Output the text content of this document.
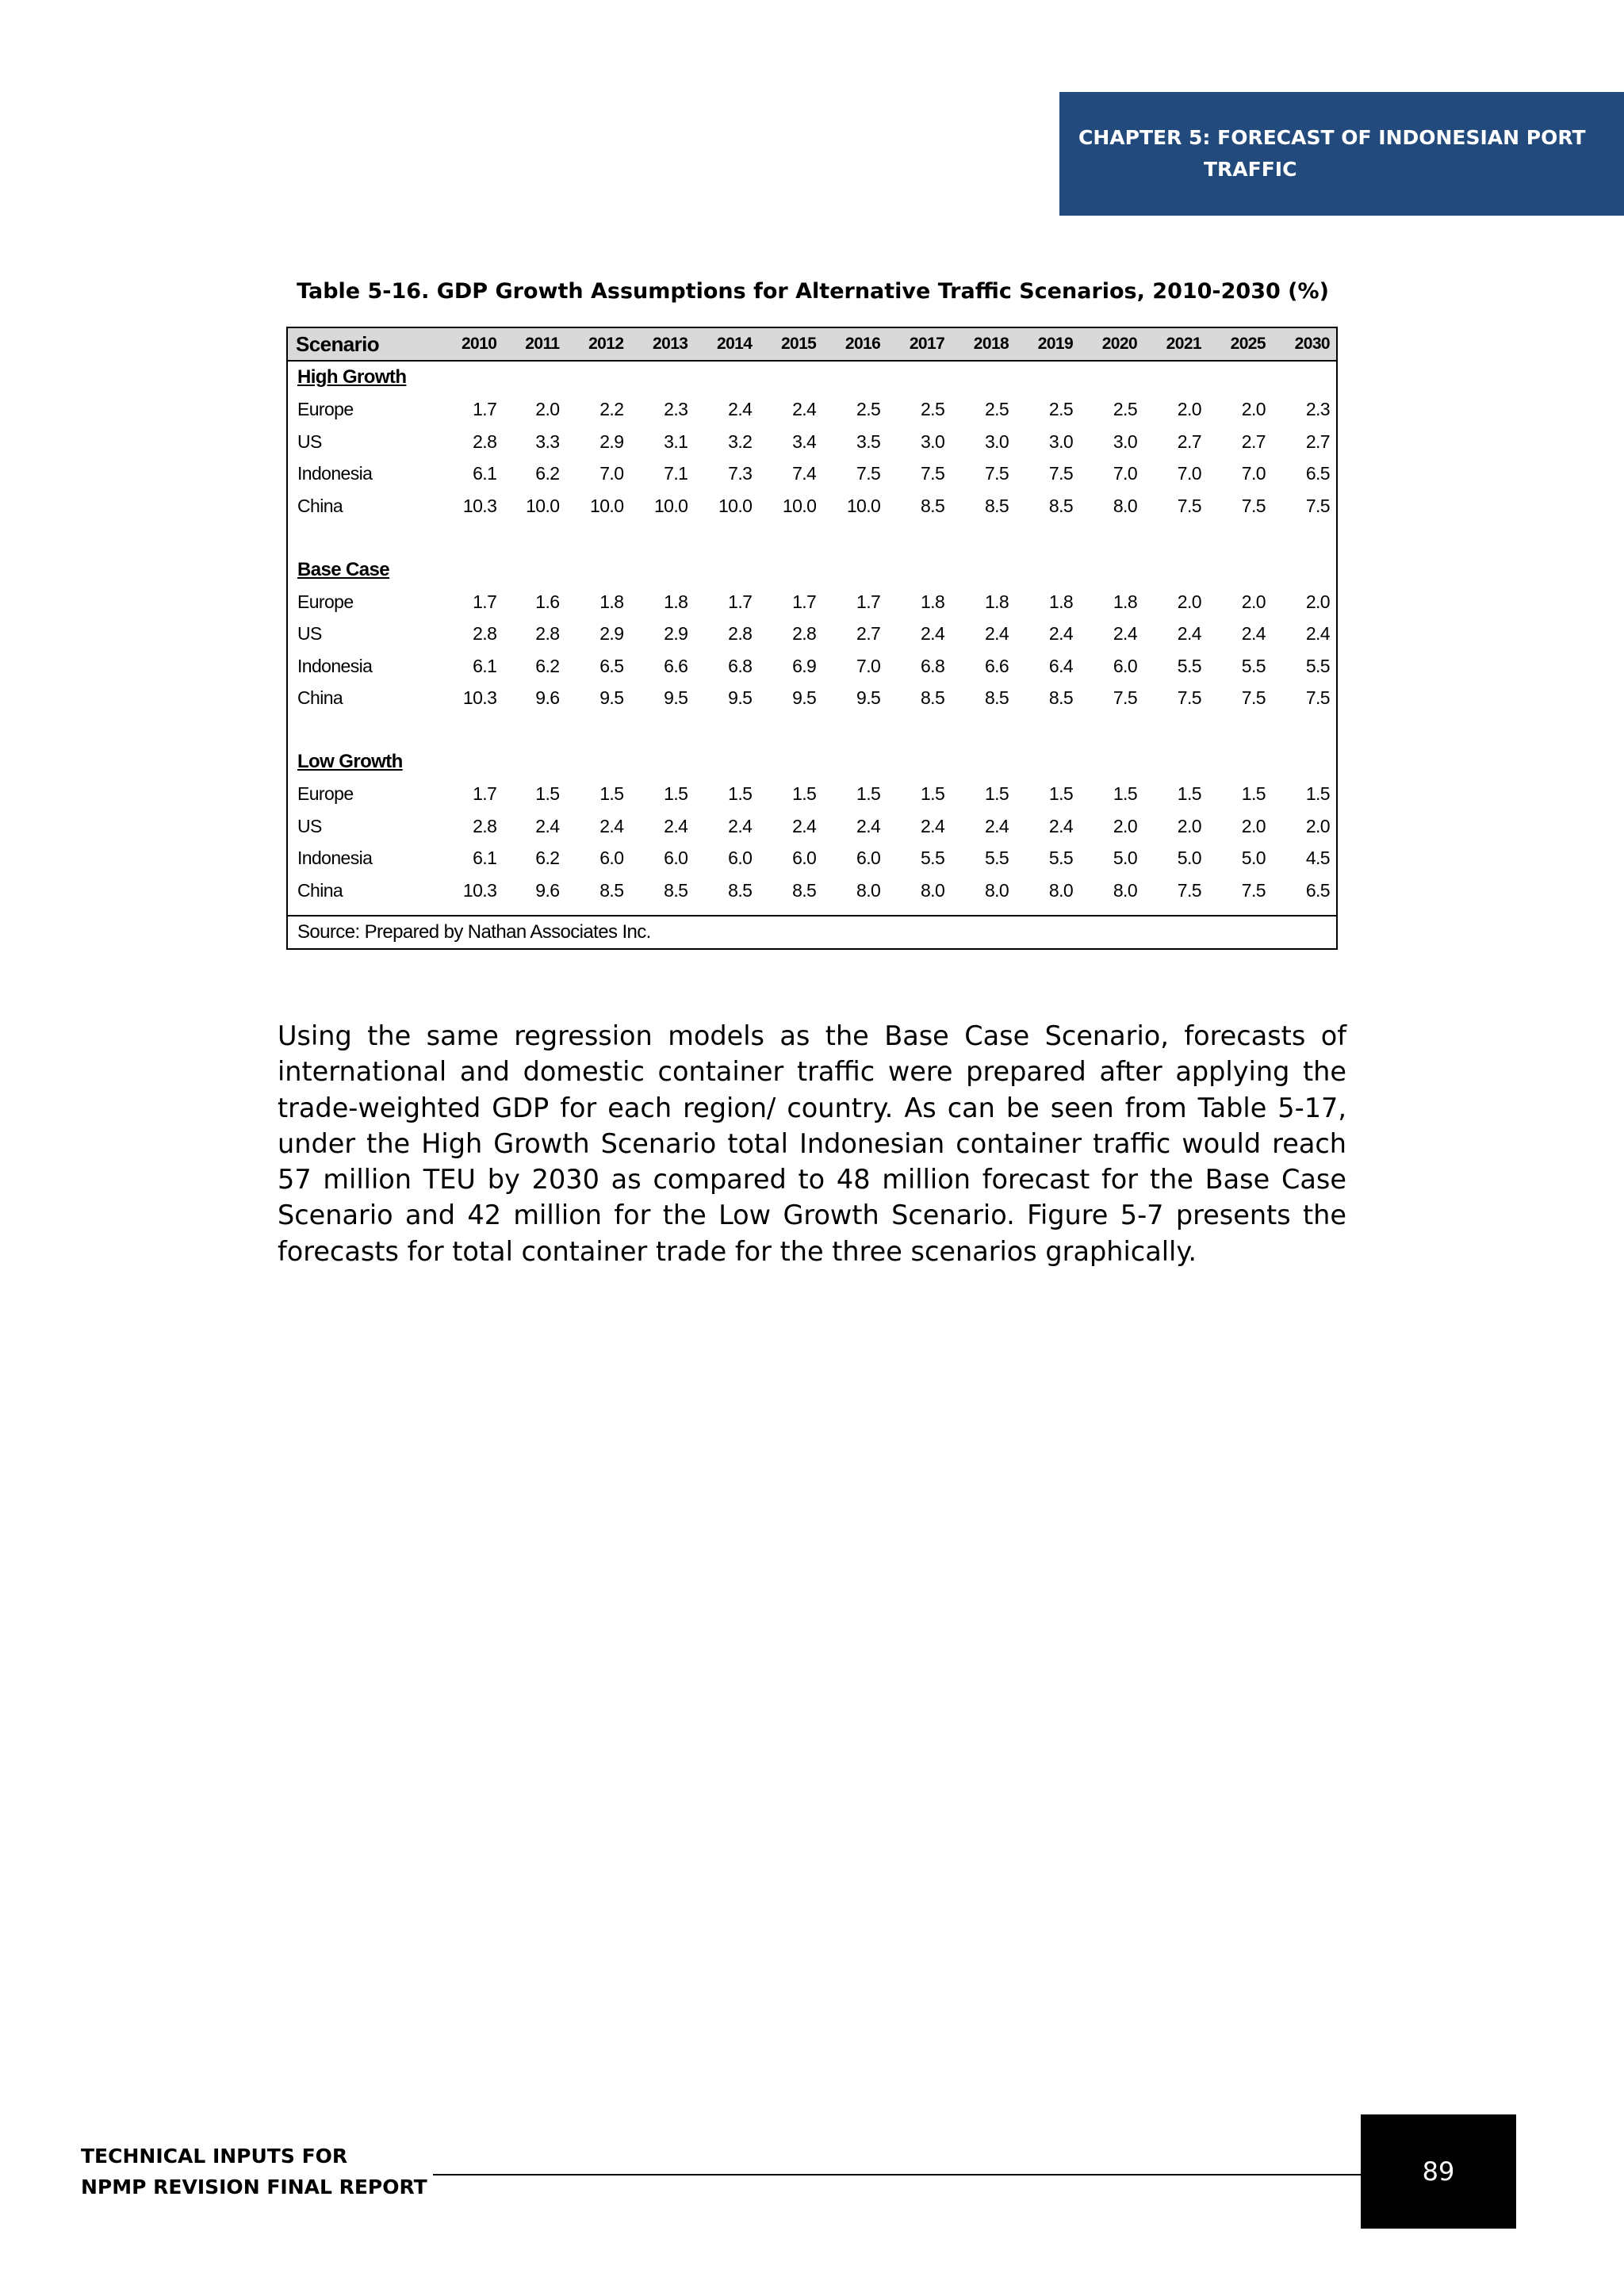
CHAPTER 5: FORECAST OF INDONESIAN PORT
TRAFFIC
Table 5-16. GDP Growth Assumptions for Alternative Traffic Scenarios, 2010-2030 (%)
Scenario	2010	2011	2012	2013	2014	2015	2016	2017	2018	2019	2020	2021	2025	2030
High Growth														
Europe	1.7	2.0	2.2	2.3	2.4	2.4	2.5	2.5	2.5	2.5	2.5	2.0	2.0	2.3
US	2.8	3.3	2.9	3.1	3.2	3.4	3.5	3.0	3.0	3.0	3.0	2.7	2.7	2.7
Indonesia	6.1	6.2	7.0	7.1	7.3	7.4	7.5	7.5	7.5	7.5	7.0	7.0	7.0	6.5
China	10.3	10.0	10.0	10.0	10.0	10.0	10.0	8.5	8.5	8.5	8.0	7.5	7.5	7.5

Base Case														
Europe	1.7	1.6	1.8	1.8	1.7	1.7	1.7	1.8	1.8	1.8	1.8	2.0	2.0	2.0
US	2.8	2.8	2.9	2.9	2.8	2.8	2.7	2.4	2.4	2.4	2.4	2.4	2.4	2.4
Indonesia	6.1	6.2	6.5	6.6	6.8	6.9	7.0	6.8	6.6	6.4	6.0	5.5	5.5	5.5
China	10.3	9.6	9.5	9.5	9.5	9.5	9.5	8.5	8.5	8.5	7.5	7.5	7.5	7.5

Low Growth														
Europe	1.7	1.5	1.5	1.5	1.5	1.5	1.5	1.5	1.5	1.5	1.5	1.5	1.5	1.5
US	2.8	2.4	2.4	2.4	2.4	2.4	2.4	2.4	2.4	2.4	2.0	2.0	2.0	2.0
Indonesia	6.1	6.2	6.0	6.0	6.0	6.0	6.0	5.5	5.5	5.5	5.0	5.0	5.0	4.5
China	10.3	9.6	8.5	8.5	8.5	8.5	8.0	8.0	8.0	8.0	8.0	7.5	7.5	6.5
Source: Prepared by Nathan Associates Inc.

Using the same regression models as the Base Case Scenario, forecasts of international and domestic container traffic were prepared after applying the trade-weighted GDP for each region/ country. As can be seen from Table 5-17, under the High Growth Scenario total Indonesian container traffic would reach 57 million TEU by 2030 as compared to 48 million forecast for the Base Case Scenario and 42 million for the Low Growth Scenario. Figure 5-7 presents the forecasts for total container trade for the three scenarios graphically.

TECHNICAL INPUTS FOR
NPMP REVISION FINAL REPORT
89
